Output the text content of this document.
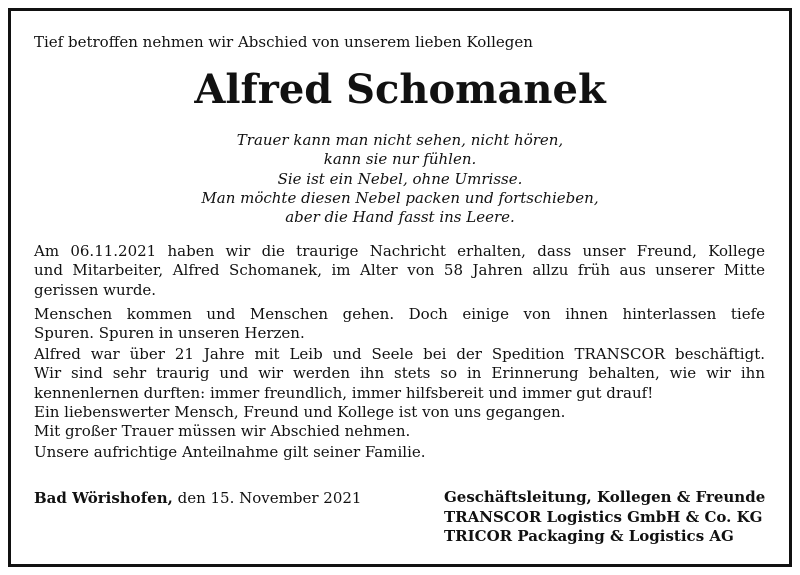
Tief betroffen nehmen wir Abschied von unserem lieben Kollegen
Alfred Schomanek
Trauer kann man nicht sehen, nicht hören,
kann sie nur fühlen.
Sie ist ein Nebel, ohne Umrisse.
Man möchte diesen Nebel packen und fortschieben,
aber die Hand fasst ins Leere.
Am 06.11.2021 haben wir die traurige Nachricht erhalten, dass unser Freund, Kollege
und Mitarbeiter, Alfred Schomanek, im Alter von 58 Jahren allzu früh aus unserer Mitte
gerissen wurde.
Menschen kommen und Menschen gehen. Doch einige von ihnen hinterlassen tiefe
Spuren. Spuren in unseren Herzen.
Alfred war über 21 Jahre mit Leib und Seele bei der Spedition TRANSCOR beschäftigt.
Wir sind sehr traurig und wir werden ihn stets so in Erinnerung behalten, wie wir ihn
kennenlernen durften: immer freundlich, immer hilfsbereit und immer gut drauf!
Ein liebenswerter Mensch, Freund und Kollege ist von uns gegangen.
Mit großer Trauer müssen wir Abschied nehmen.
Unsere aufrichtige Anteilnahme gilt seiner Familie.
Bad Wörishofen, den 15. November 2021	Geschäftsleitung, Kollegen & Freunde
TRANSCOR Logistics GmbH & Co. KG
TRICOR Packaging & Logistics AG
